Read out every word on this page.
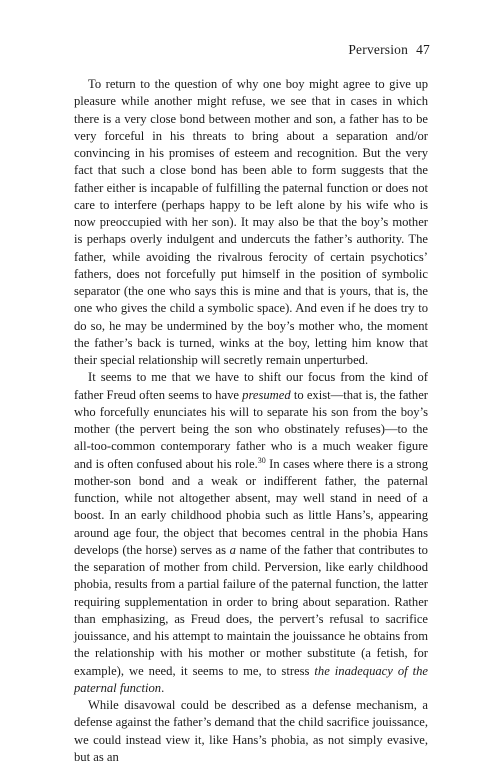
Perversion 47

To return to the question of why one boy might agree to give up pleasure while another might refuse, we see that in cases in which there is a very close bond between mother and son, a father has to be very forceful in his threats to bring about a separation and/or convincing in his promises of esteem and recognition. But the very fact that such a close bond has been able to form suggests that the father either is incapable of fulfilling the paternal function or does not care to interfere (perhaps happy to be left alone by his wife who is now preoccupied with her son). It may also be that the boy’s mother is perhaps overly indulgent and undercuts the father’s authority. The father, while avoiding the rivalrous ferocity of certain psychotics’ fathers, does not forcefully put himself in the position of symbolic separator (the one who says this is mine and that is yours, that is, the one who gives the child a symbolic space). And even if he does try to do so, he may be undermined by the boy’s mother who, the moment the father’s back is turned, winks at the boy, letting him know that their special relationship will secretly remain unperturbed.

It seems to me that we have to shift our focus from the kind of father Freud often seems to have presumed to exist—that is, the father who forcefully enunciates his will to separate his son from the boy’s mother (the pervert being the son who obstinately refuses)—to the all-too-common contemporary father who is a much weaker figure and is often confused about his role.$^{30}$ In cases where there is a strong mother-son bond and a weak or indifferent father, the paternal function, while not altogether absent, may well stand in need of a boost. In an early childhood phobia such as little Hans’s, appearing around age four, the object that becomes central in the phobia Hans develops (the horse) serves as a name of the father that contributes to the separation of mother from child. Perversion, like early childhood phobia, results from a partial failure of the paternal function, the latter requiring supplementation in order to bring about separation. Rather than emphasizing, as Freud does, the pervert’s refusal to sacrifice jouissance, and his attempt to maintain the jouissance he obtains from the relationship with his mother or mother substitute (a fetish, for example), we need, it seems to me, to stress the inadequacy of the paternal function.

While disavowal could be described as a defense mechanism, a defense against the father’s demand that the child sacrifice jouissance, we could instead view it, like Hans’s phobia, as not simply evasive, but as an
